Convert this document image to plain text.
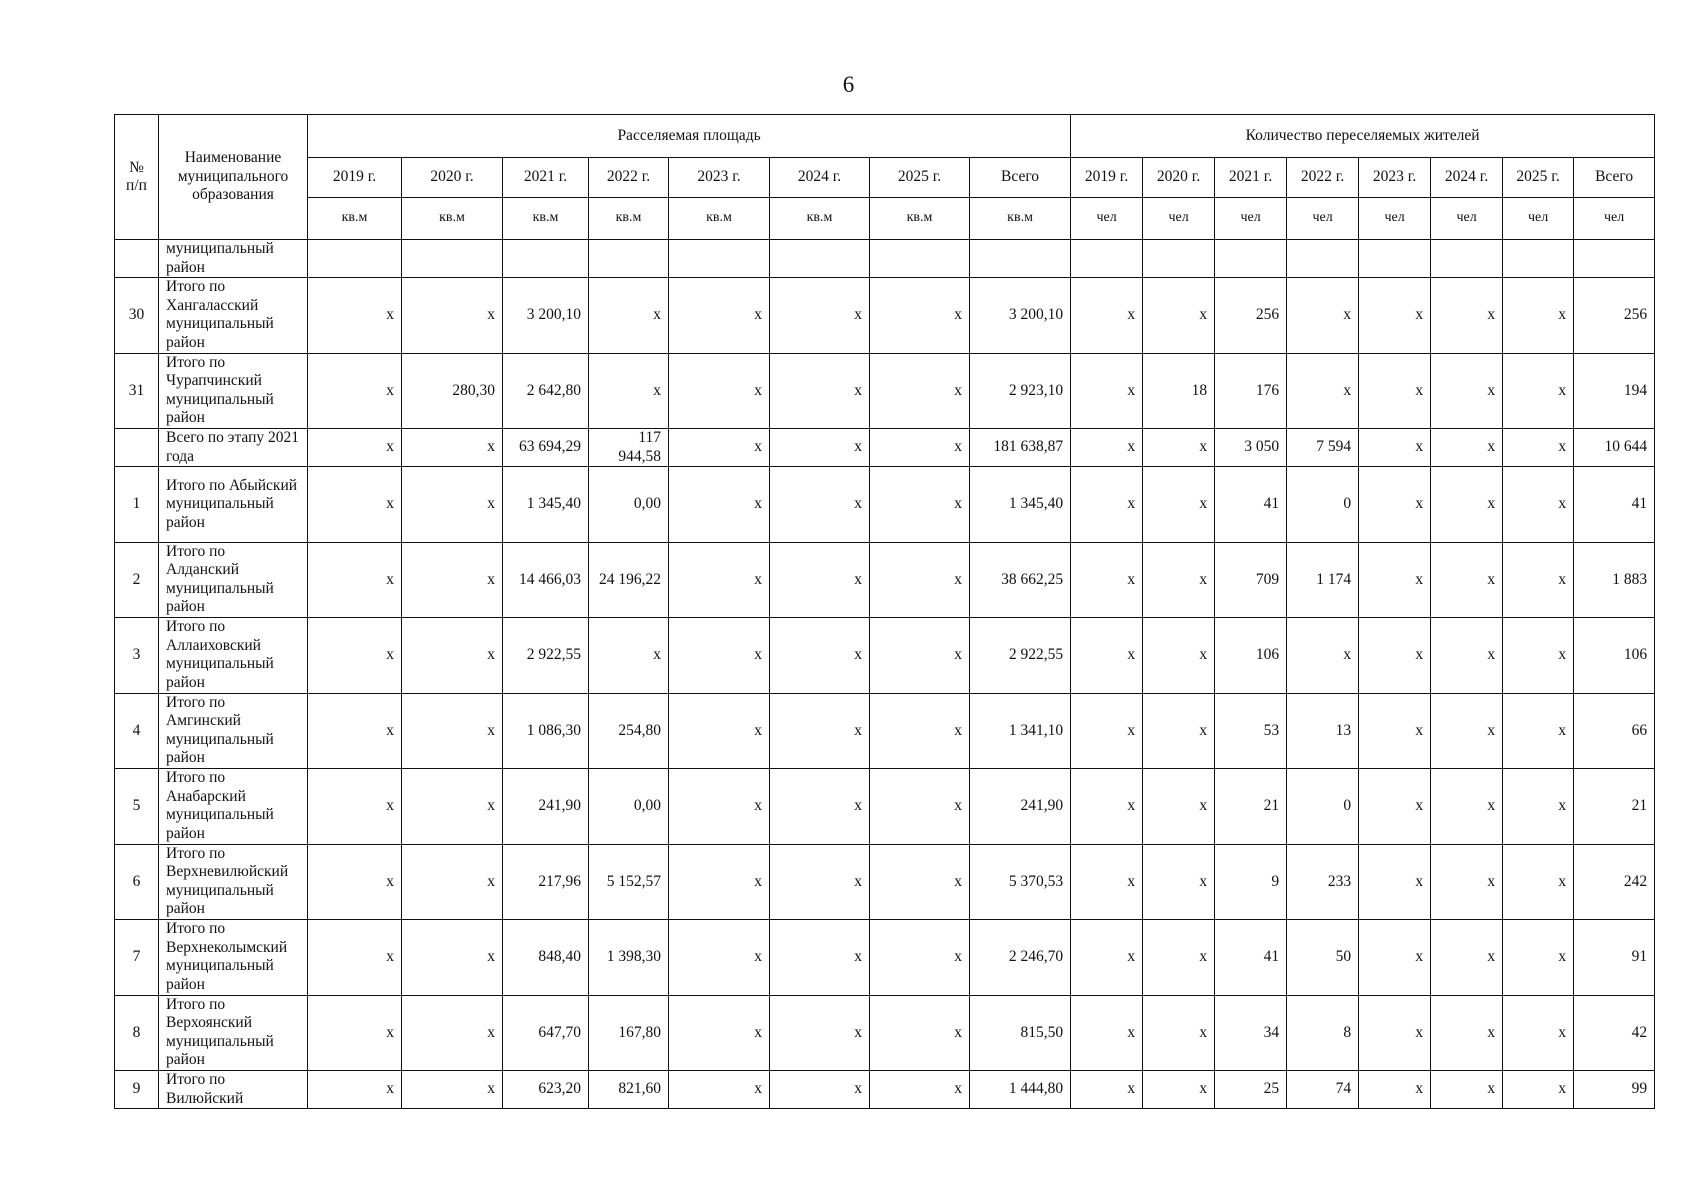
6
№ п/п	Наименование муниципального образования	Расселяемая площадь								Количество переселяемых жителей							
		2019 г.	2020 г.	2021 г.	2022 г.	2023 г.	2024 г.	2025 г.	Всего	2019 г.	2020 г.	2021 г.	2022 г.	2023 г.	2024 г.	2025 г.	Всего
		кв.м	кв.м	кв.м	кв.м	кв.м	кв.м	кв.м	кв.м	чел	чел	чел	чел	чел	чел	чел	чел
	муниципальный район																
30	Итого по Хангаласский муниципальный район	х	х	3 200,10	х	х	х	х	3 200,10	х	х	256	х	х	х	х	256
31	Итого по Чурапчинский муниципальный район	х	280,30	2 642,80	х	х	х	х	2 923,10	х	18	176	х	х	х	х	194
	Всего по этапу 2021 года	х	х	63 694,29	117 944,58	х	х	х	181 638,87	х	х	3 050	7 594	х	х	х	10 644
1	Итого по Абыйский муниципальный район	х	х	1 345,40	0,00	х	х	х	1 345,40	х	х	41	0	х	х	х	41
2	Итого по Алданский муниципальный район	х	х	14 466,03	24 196,22	х	х	х	38 662,25	х	х	709	1 174	х	х	х	1 883
3	Итого по Аллаиховский муниципальный район	х	х	2 922,55	х	х	х	х	2 922,55	х	х	106	х	х	х	х	106
4	Итого по Амгинский муниципальный район	х	х	1 086,30	254,80	х	х	х	1 341,10	х	х	53	13	х	х	х	66
5	Итого по Анабарский муниципальный район	х	х	241,90	0,00	х	х	х	241,90	х	х	21	0	х	х	х	21
6	Итого по Верхневилюйский муниципальный район	х	х	217,96	5 152,57	х	х	х	5 370,53	х	х	9	233	х	х	х	242
7	Итого по Верхнеколымский муниципальный район	х	х	848,40	1 398,30	х	х	х	2 246,70	х	х	41	50	х	х	х	91
8	Итого по Верхоянский муниципальный район	х	х	647,70	167,80	х	х	х	815,50	х	х	34	8	х	х	х	42
9	Итого по Вилюйский	х	х	623,20	821,60	х	х	х	1 444,80	х	х	25	74	х	х	х	99
